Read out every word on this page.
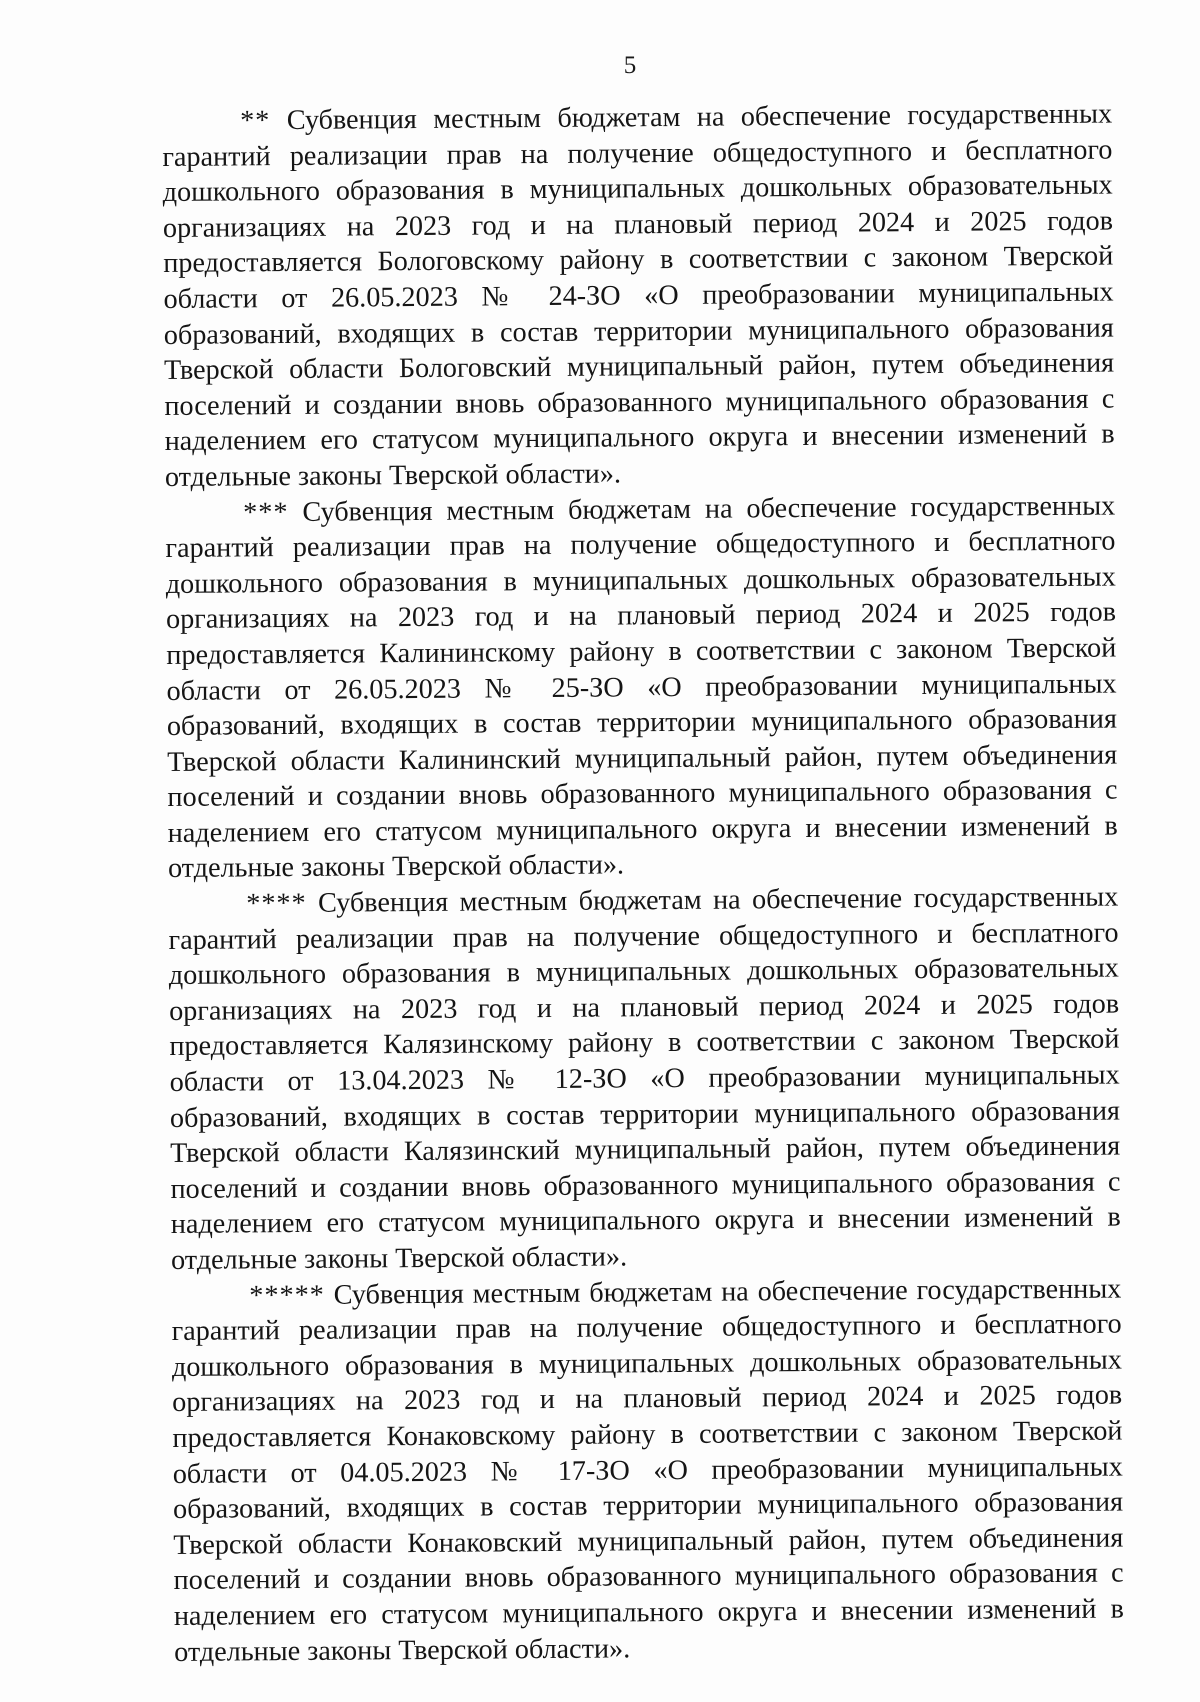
5

** Субвенция местным бюджетам на обеспечение государственных гарантий реализации прав на получение общедоступного и бесплатного дошкольного образования в муниципальных дошкольных образовательных организациях на 2023 год и на плановый период 2024 и 2025 годов предоставляется Бологовскому району в соответствии с законом Тверской области от 26.05.2023 № 24-ЗО «О преобразовании муниципальных образований, входящих в состав территории муниципального образования Тверской области Бологовский муниципальный район, путем объединения поселений и создании вновь образованного муниципального образования с наделением его статусом муниципального округа и внесении изменений в отдельные законы Тверской области».

*** Субвенция местным бюджетам на обеспечение государственных гарантий реализации прав на получение общедоступного и бесплатного дошкольного образования в муниципальных дошкольных образовательных организациях на 2023 год и на плановый период 2024 и 2025 годов предоставляется Калининскому району в соответствии с законом Тверской области от 26.05.2023 № 25-ЗО «О преобразовании муниципальных образований, входящих в состав территории муниципального образования Тверской области Калининский муниципальный район, путем объединения поселений и создании вновь образованного муниципального образования с наделением его статусом муниципального округа и внесении изменений в отдельные законы Тверской области».

**** Субвенция местным бюджетам на обеспечение государственных гарантий реализации прав на получение общедоступного и бесплатного дошкольного образования в муниципальных дошкольных образовательных организациях на 2023 год и на плановый период 2024 и 2025 годов предоставляется Калязинскому району в соответствии с законом Тверской области от 13.04.2023 № 12-ЗО «О преобразовании муниципальных образований, входящих в состав территории муниципального образования Тверской области Калязинский муниципальный район, путем объединения поселений и создании вновь образованного муниципального образования с наделением его статусом муниципального округа и внесении изменений в отдельные законы Тверской области».

***** Субвенция местным бюджетам на обеспечение государственных гарантий реализации прав на получение общедоступного и бесплатного дошкольного образования в муниципальных дошкольных образовательных организациях на 2023 год и на плановый период 2024 и 2025 годов предоставляется Конаковскому району в соответствии с законом Тверской области от 04.05.2023 № 17-ЗО «О преобразовании муниципальных образований, входящих в состав территории муниципального образования Тверской области Конаковский муниципальный район, путем объединения поселений и создании вновь образованного муниципального образования с наделением его статусом муниципального округа и внесении изменений в отдельные законы Тверской области».
